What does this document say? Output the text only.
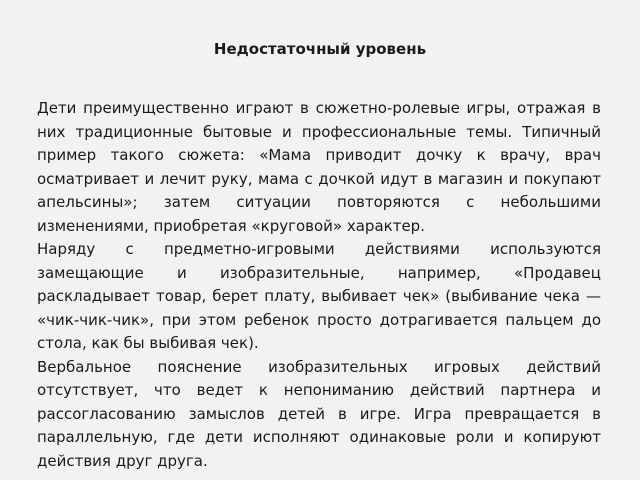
Недостаточный уровень

Дети преимущественно играют в сюжетно-ролевые игры, отражая в них традиционные бытовые и профессиональные темы. Типичный пример такого сюжета: «Мама приводит дочку к врачу, врач осматривает и лечит руку, мама с дочкой идут в магазин и покупают апельсины»; затем ситуации повторяются с небольшими изменениями, приобретая «круговой» характер.

Наряду с предметно-игровыми действиями используются замещающие и изобразительные, например, «Продавец раскладывает товар, берет плату, выбивает чек» (выбивание чека — «чик-чик-чик», при этом ребенок просто дотрагивается пальцем до стола, как бы выбивая чек).

Вербальное пояснение изобразительных игровых действий отсутствует, что ведет к непониманию действий партнера и рассогласованию замыслов детей в игре. Игра превращается в параллельную, где дети исполняют одинаковые роли и копируют действия друг друга.
